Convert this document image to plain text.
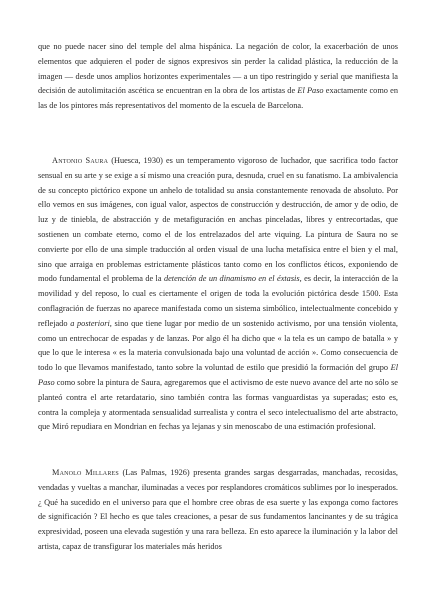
que no puede nacer sino del temple del alma hispánica. La negación de color, la exacerbación de unos elementos que adquieren el poder de signos expresivos sin perder la calidad plástica, la reducción de la imagen — desde unos amplios horizontes experimentales — a un tipo restringido y serial que manifiesta la decisión de autolimitación ascética se encuentran en la obra de los artistas de El Paso exactamente como en las de los pintores más representativos del momento de la escuela de Barcelona.

Antonio Saura (Huesca, 1930) es un temperamento vigoroso de luchador, que sacrifica todo factor sensual en su arte y se exige a sí mismo una creación pura, desnuda, cruel en su fanatismo. La ambivalencia de su concepto pictórico expone un anhelo de totalidad su ansia constantemente renovada de absoluto. Por ello vemos en sus imágenes, con igual valor, aspectos de construcción y destrucción, de amor y de odio, de luz y de tiniebla, de abstracción y de metafiguración en anchas pinceladas, libres y entrecortadas, que sostienen un combate eterno, como el de los entrelazados del arte viquing. La pintura de Saura no se convierte por ello de una simple traducción al orden visual de una lucha metafísica entre el bien y el mal, sino que arraiga en problemas estrictamente plásticos tanto como en los conflictos éticos, exponiendo de modo fundamental el problema de la detención de un dinamismo en el éxtasis, es decir, la interacción de la movilidad y del reposo, lo cual es ciertamente el origen de toda la evolución pictórica desde 1500. Esta conflagración de fuerzas no aparece manifestada como un sistema simbólico, intelectualmente concebido y reflejado a posteriori, sino que tiene lugar por medio de un sostenido activismo, por una tensión violenta, como un entrechocar de espadas y de lanzas. Por algo él ha dicho que « la tela es un campo de batalla » y que lo que le interesa « es la materia convulsionada bajo una voluntad de acción ». Como consecuencia de todo lo que llevamos manifestado, tanto sobre la voluntad de estilo que presidió la formación del grupo El Paso como sobre la pintura de Saura, agregaremos que el activismo de este nuevo avance del arte no sólo se planteó contra el arte retardatario, sino también contra las formas vanguardistas ya superadas; esto es, contra la compleja y atormentada sensualidad surrealista y contra el seco intelectualismo del arte abstracto, que Miró repudiara en Mondrian en fechas ya lejanas y sin menoscabo de una estimación profesional.

Manolo Millares (Las Palmas, 1926) presenta grandes sargas desgarradas, manchadas, recosidas, vendadas y vueltas a manchar, iluminadas a veces por resplandores cromáticos sublimes por lo inesperados. ¿ Qué ha sucedido en el universo para que el hombre cree obras de esa suerte y las exponga como factores de significación ? El hecho es que tales creaciones, a pesar de sus fundamentos lancinantes y de su trágica expresividad, poseen una elevada sugestión y una rara belleza. En esto aparece la iluminación y la labor del artista, capaz de transfigurar los materiales más heridos
